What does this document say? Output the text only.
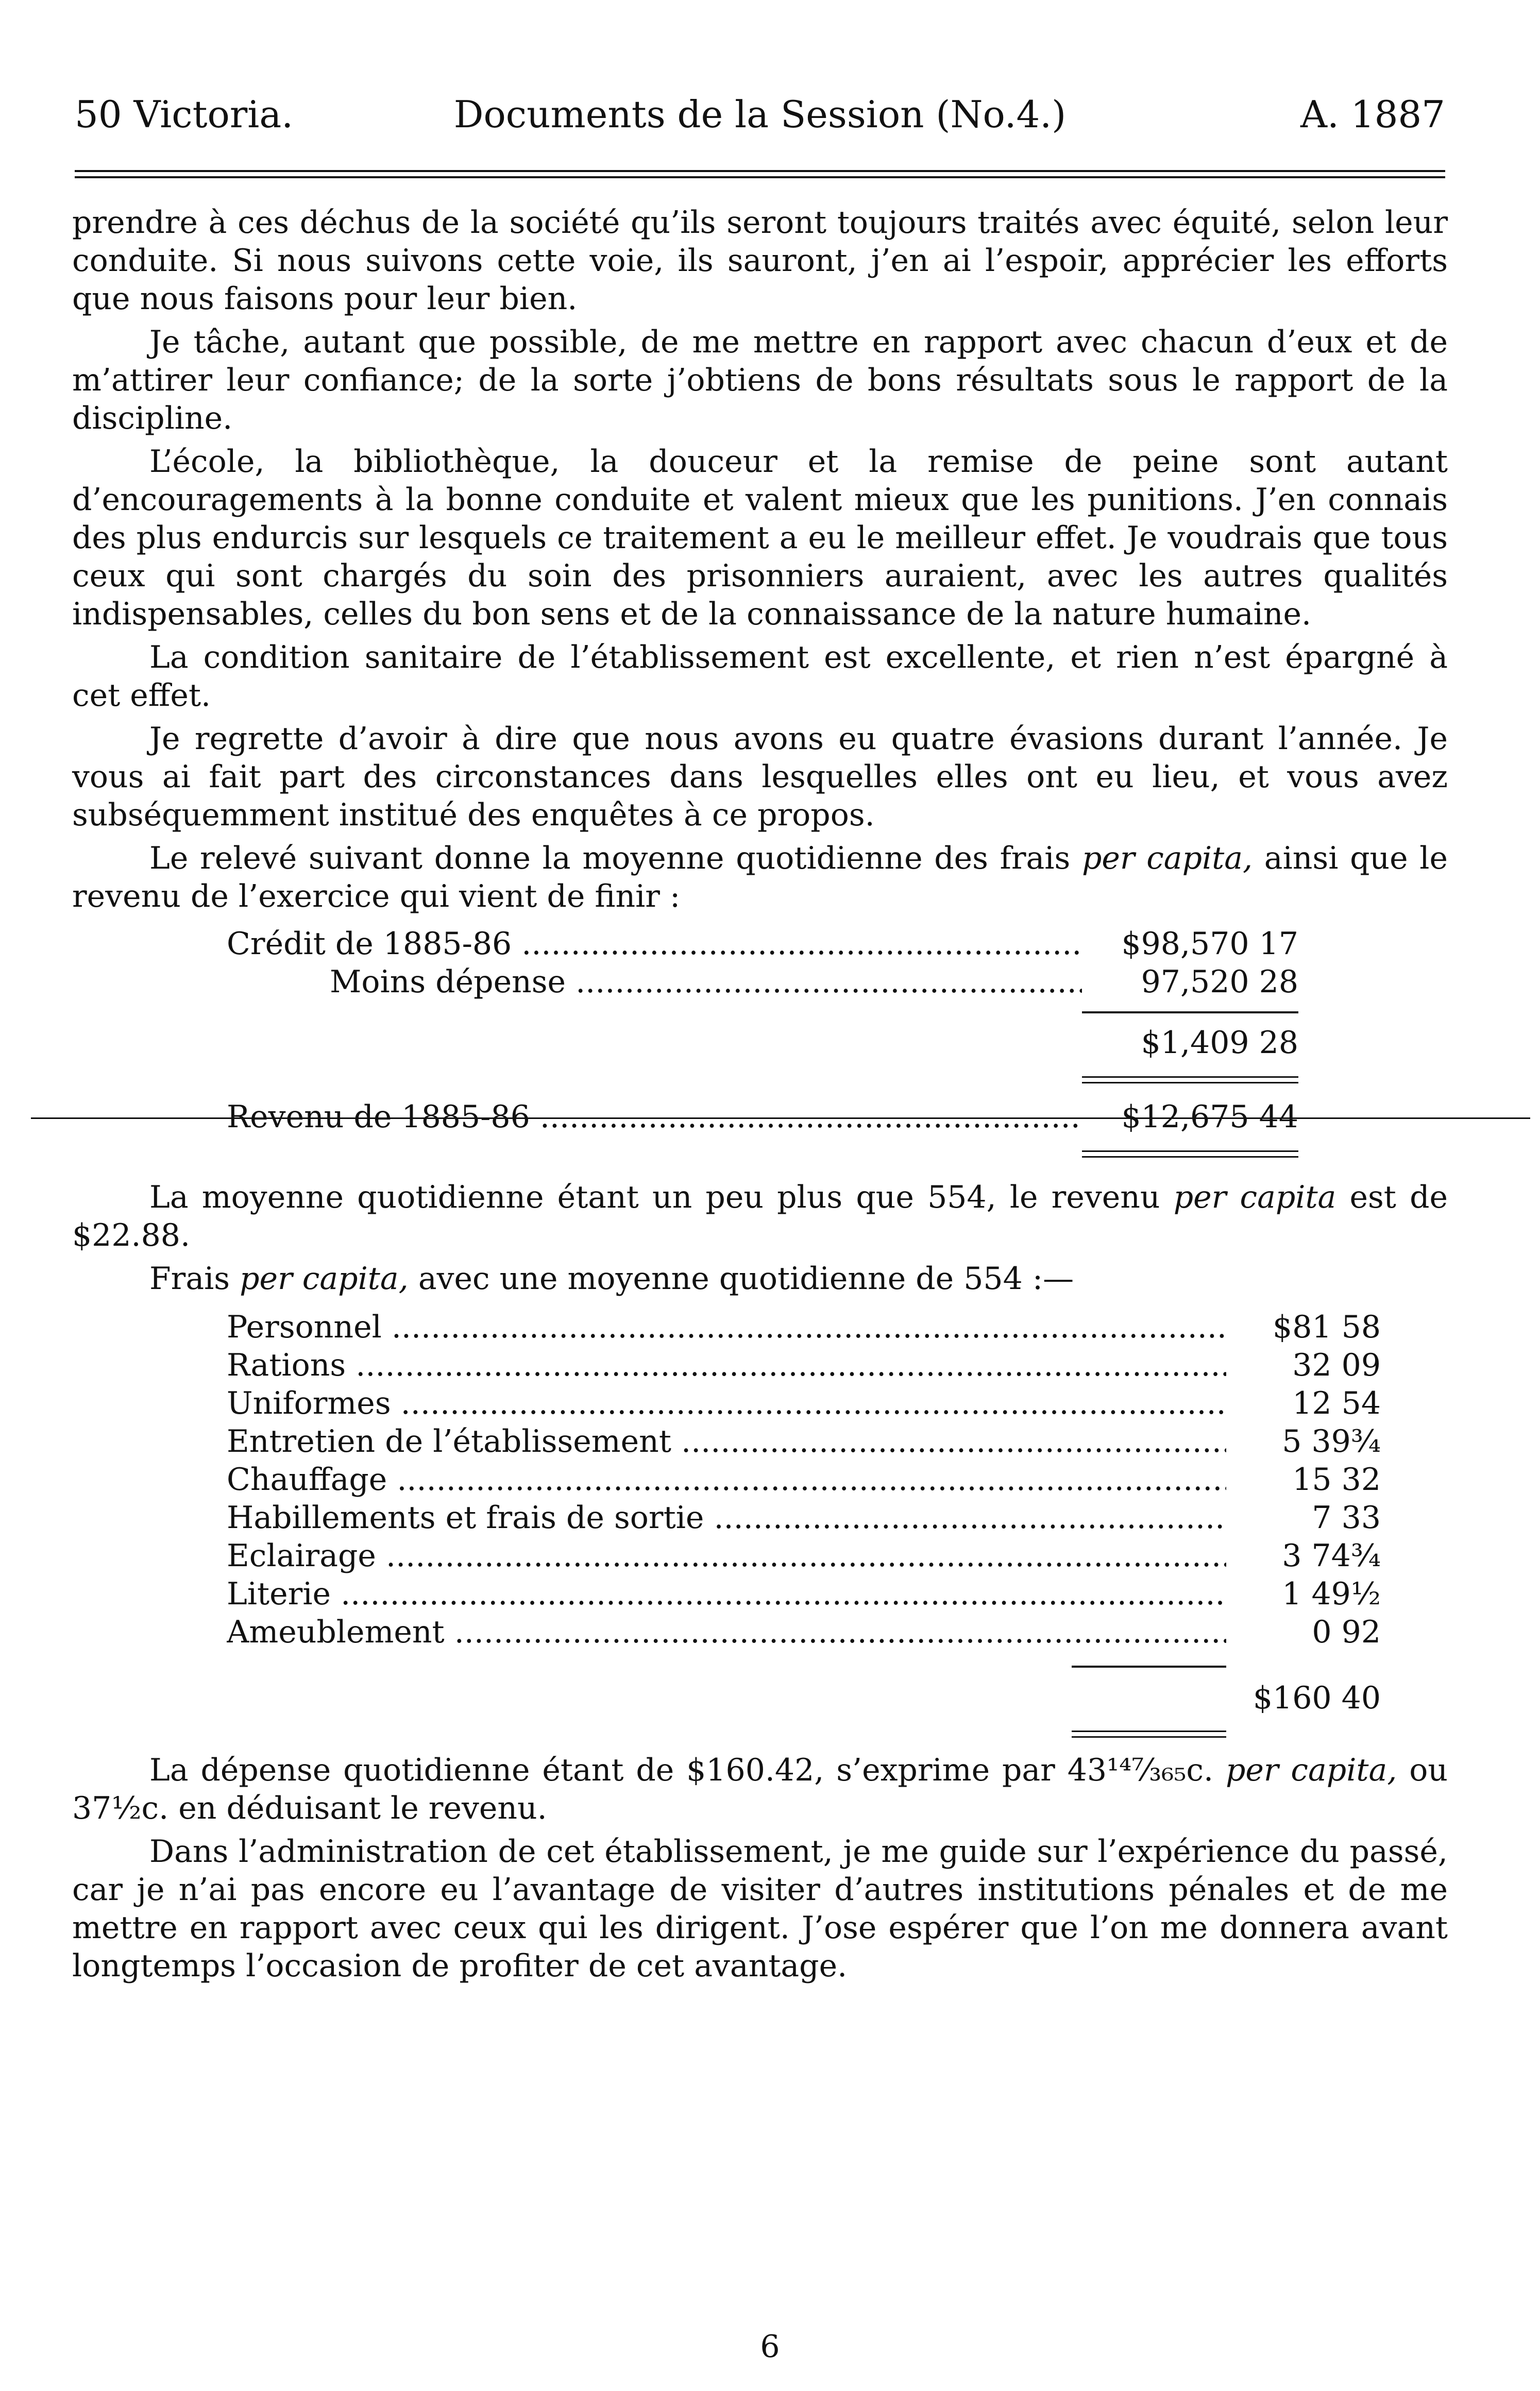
50 Victoria.	Documents de la Session (No.4.)	A. 1887

prendre à ces déchus de la société qu’ils seront toujours traités avec équité, selon leur conduite. Si nous suivons cette voie, ils sauront, j’en ai l’espoir, apprécier les efforts que nous faisons pour leur bien.

Je tâche, autant que possible, de me mettre en rapport avec chacun d’eux et de m’attirer leur confiance; de la sorte j’obtiens de bons résultats sous le rapport de la discipline.

L’école, la bibliothèque, la douceur et la remise de peine sont autant d’encouragements à la bonne conduite et valent mieux que les punitions. J’en connais des plus endurcis sur lesquels ce traitement a eu le meilleur effet. Je voudrais que tous ceux qui sont chargés du soin des prisonniers auraient, avec les autres qualités indispensables, celles du bon sens et de la connaissance de la nature humaine.

La condition sanitaire de l’établissement est excellente, et rien n’est épargné à cet effet.

Je regrette d’avoir à dire que nous avons eu quatre évasions durant l’année. Je vous ai fait part des circonstances dans lesquelles elles ont eu lieu, et vous avez subséquemment institué des enquêtes à ce propos.

Le relevé suivant donne la moyenne quotidienne des frais per capita, ainsi que le revenu de l’exercice qui vient de finir :

Crédit de 1885-86 .....	$98,570 17
Moins dépense .....	97,520 28
$1,409 28
Revenu de 1885-86 .....	$12,675 44

La moyenne quotidienne étant un peu plus que 554, le revenu per capita est de $22.88.

Frais per capita, avec une moyenne quotidienne de 554 :—

Personnel .....	$81 58
Rations .....	32 09
Uniformes .....	12 54
Entretien de l’établissement .....	5 39¾
Chauffage .....	15 32
Habillements et frais de sortie .....	7 33
Eclairage .....	3 74¾
Literie .....	1 49½
Ameublement .....	0 92
$160 40

La dépense quotidienne étant de $160.42, s’exprime par 43¹⁴⁷⁄₃₆₅c. per capita, ou 37½c. en déduisant le revenu.

Dans l’administration de cet établissement, je me guide sur l’expérience du passé, car je n’ai pas encore eu l’avantage de visiter d’autres institutions pénales et de me mettre en rapport avec ceux qui les dirigent. J’ose espérer que l’on me donnera avant longtemps l’occasion de profiter de cet avantage.

6
